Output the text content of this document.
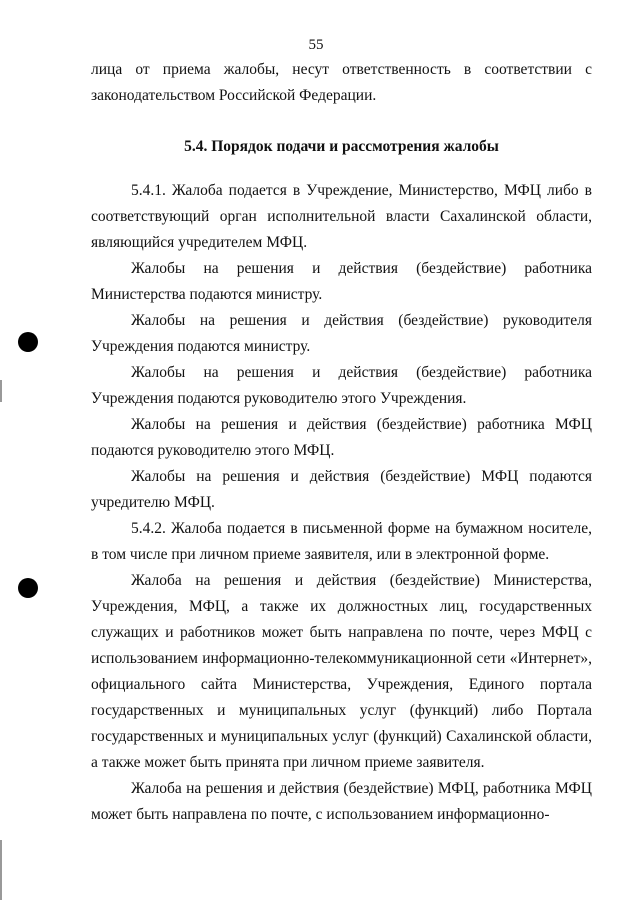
55
лица от приема жалобы, несут ответственность в соответствии с законодательством Российской Федерации.
5.4. Порядок подачи и рассмотрения жалобы

5.4.1. Жалоба подается в Учреждение, Министерство, МФЦ либо в соответствующий орган исполнительной власти Сахалинской области, являющийся учредителем МФЦ.

Жалобы на решения и действия (бездействие) работника Министерства подаются министру.

Жалобы на решения и действия (бездействие) руководителя Учреждения подаются министру.

Жалобы на решения и действия (бездействие) работника Учреждения подаются руководителю этого Учреждения.

Жалобы на решения и действия (бездействие) работника МФЦ подаются руководителю этого МФЦ.

Жалобы на решения и действия (бездействие) МФЦ подаются учредителю МФЦ.

5.4.2. Жалоба подается в письменной форме на бумажном носителе, в том числе при личном приеме заявителя, или в электронной форме.

Жалоба на решения и действия (бездействие) Министерства, Учреждения, МФЦ, а также их должностных лиц, государственных служащих и работников может быть направлена по почте, через МФЦ с использованием информационно-телекоммуникационной сети «Интернет», официального сайта Министерства, Учреждения, Единого портала государственных и муниципальных услуг (функций) либо Портала государственных и муниципальных услуг (функций) Сахалинской области, а также может быть принята при личном приеме заявителя.

Жалоба на решения и действия (бездействие) МФЦ, работника МФЦ может быть направлена по почте, с использованием информационно-
